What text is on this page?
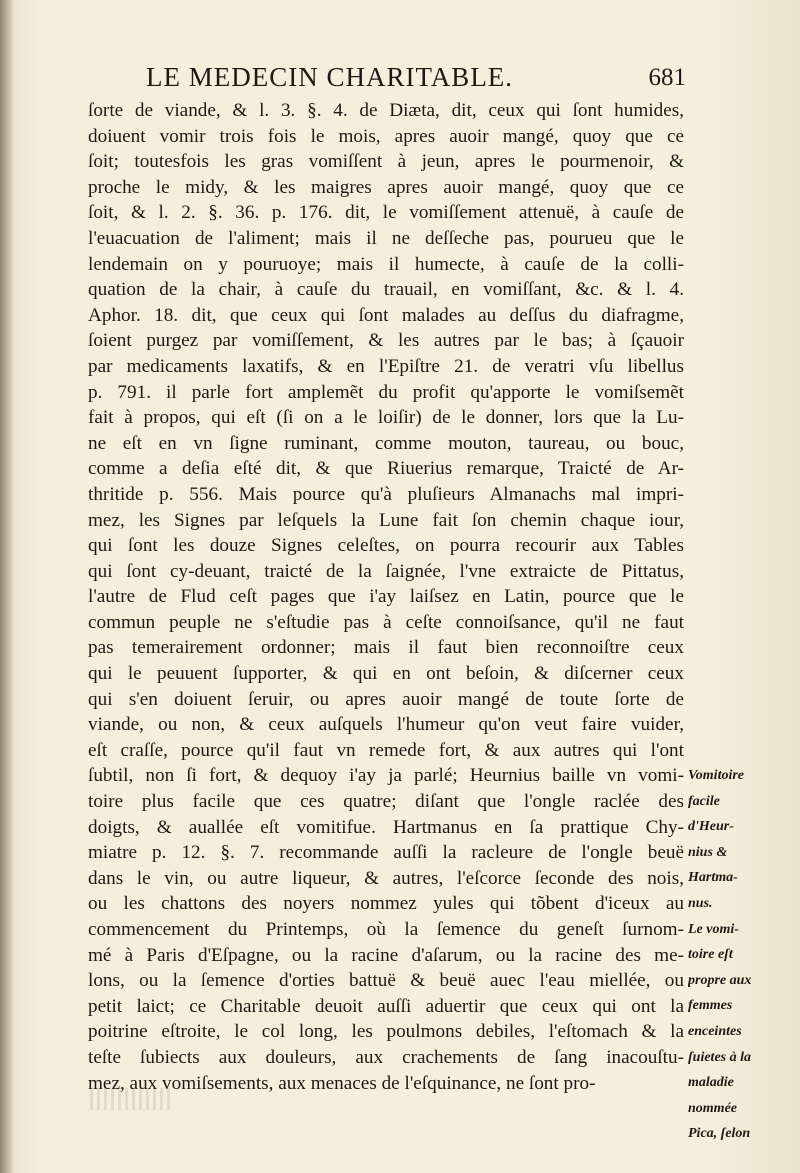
LE MEDECIN CHARITABLE.	681
ſorte de viande, & l. 3. §. 4. de Diæta, dit, ceux qui ſont humides,
doiuent vomir trois fois le mois, apres auoir mangé, quoy que ce
ſoit; toutesfois les gras vomiſſent à jeun, apres le pourmenoir, &
proche le midy, & les maigres apres auoir mangé, quoy que ce
ſoit, & l. 2. §. 36. p. 176. dit, le vomiſſement attenuë, à cauſe de
l'euacuation de l'aliment; mais il ne deſſeche pas, pourueu que le
lendemain on y pouruoye; mais il humecte, à cauſe de la colli-
quation de la chair, à cauſe du trauail, en vomiſſant, &c. & l. 4.
Aphor. 18. dit, que ceux qui ſont malades au deſſus du diafragme,
ſoient purgez par vomiſſement, & les autres par le bas; à ſçauoir
par medicaments laxatifs, & en l'Epiſtre 21. de veratri vſu libellus
p. 791. il parle fort amplemẽt du profit qu'apporte le vomiſsemẽt
fait à propos, qui eſt (ſi on a le loiſir) de le donner, lors que la Lu-
ne eſt en vn ſigne ruminant, comme mouton, taureau, ou bouc,
comme a deſia eſté dit, & que Riuerius remarque, Traicté de Ar-
thritide p. 556. Mais pource qu'à pluſieurs Almanachs mal impri-
mez, les Signes par leſquels la Lune fait ſon chemin chaque iour,
qui ſont les douze Signes celeſtes, on pourra recourir aux Tables
qui ſont cy-deuant, traicté de la ſaignée, l'vne extraicte de Pittatus,
l'autre de Flud ceſt pages que i'ay laiſsez en Latin, pource que le
commun peuple ne s'eſtudie pas à ceſte connoiſsance, qu'il ne faut
pas temerairement ordonner; mais il faut bien reconnoiſtre ceux
qui le peuuent ſupporter, & qui en ont beſoin, & diſcerner ceux
qui s'en doiuent ſeruir, ou apres auoir mangé de toute ſorte de
viande, ou non, & ceux auſquels l'humeur qu'on veut faire vuider,
eſt craſſe, pource qu'il faut vn remede fort, & aux autres qui l'ont
ſubtil, non ſi fort, & dequoy i'ay ja parlé; Heurnius baille vn vomi-
toire plus facile que ces quatre; diſant que l'ongle raclée des
doigts, & auallée eſt vomitifue. Hartmanus en ſa prattique Chy-
miatre p. 12. §. 7. recommande auſſi la racleure de l'ongle beuë
dans le vin, ou autre liqueur, & autres, l'eſcorce ſeconde des nois,
ou les chattons des noyers nommez yules qui tõbent d'iceux au
commencement du Printemps, où la ſemence du geneſt ſurnom-
mé à Paris d'Eſpagne, ou la racine d'aſarum, ou la racine des me-
lons, ou la ſemence d'orties battuë & beuë auec l'eau miellée, ou
petit laict; ce Charitable deuoit auſſi aduertir que ceux qui ont la
poitrine eſtroite, le col long, les poulmons debiles, l'eſtomach & la
teſte ſubiects aux douleurs, aux crachements de ſang inacouſtu-
mez, aux vomiſsements, aux menaces de l'eſquinance, ne ſont pro-
Vomitoire
facile
d'Heur-
nius &
Hartma-
nus.
Le vomi-
toire eſt
propre aux
femmes
enceintes
ſuietes à la
maladie
nommée
Pica, ſelon
